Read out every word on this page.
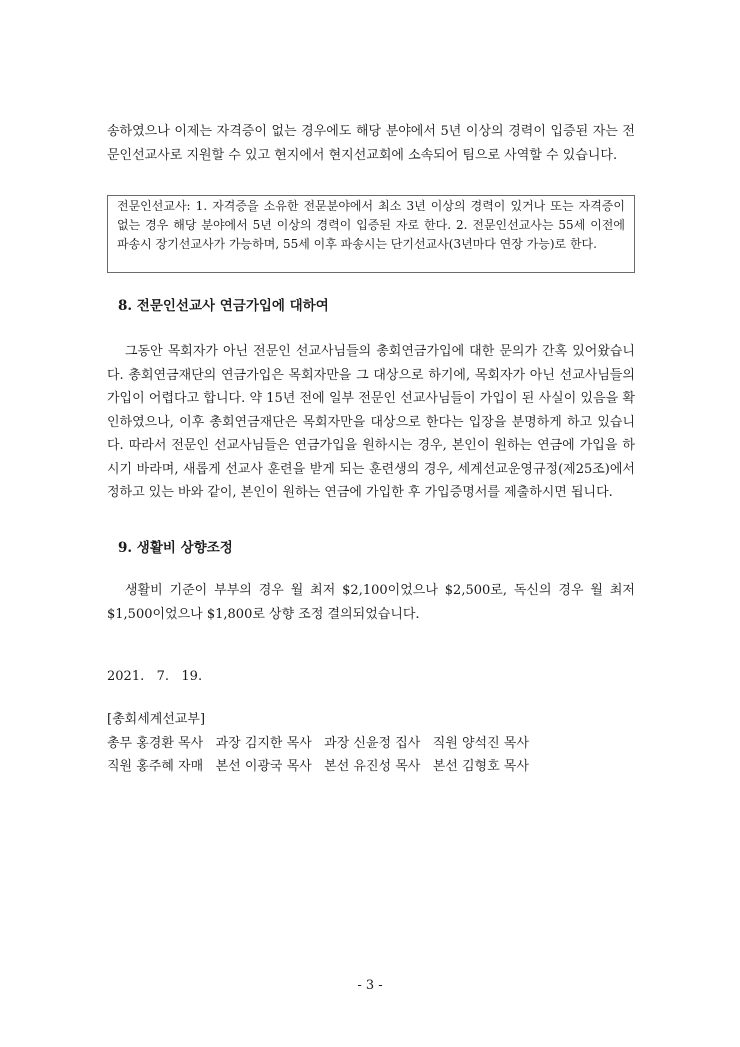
송하였으나 이제는 자격증이 없는 경우에도 해당 분야에서 5년 이상의 경력이 입증된 자는 전문인선교사로 지원할 수 있고 현지에서 현지선교회에 소속되어 팀으로 사역할 수 있습니다.

전문인선교사: 1. 자격증을 소유한 전문분야에서 최소 3년 이상의 경력이 있거나 또는 자격증이 없는 경우 해당 분야에서 5년 이상의 경력이 입증된 자로 한다. 2. 전문인선교사는 55세 이전에 파송시 장기선교사가 가능하며, 55세 이후 파송시는 단기선교사(3년마다 연장 가능)로 한다.

8. 전문인선교사 연금가입에 대하여

그동안 목회자가 아닌 전문인 선교사님들의 총회연금가입에 대한 문의가 간혹 있어왔습니다. 총회연금재단의 연금가입은 목회자만을 그 대상으로 하기에, 목회자가 아닌 선교사님들의 가입이 어렵다고 합니다. 약 15년 전에 일부 전문인 선교사님들이 가입이 된 사실이 있음을 확인하였으나, 이후 총회연금재단은 목회자만을 대상으로 한다는 입장을 분명하게 하고 있습니다. 따라서 전문인 선교사님들은 연금가입을 원하시는 경우, 본인이 원하는 연금에 가입을 하시기 바라며, 새롭게 선교사 훈련을 받게 되는 훈련생의 경우, 세계선교운영규정(제25조)에서 정하고 있는 바와 같이, 본인이 원하는 연금에 가입한 후 가입증명서를 제출하시면 됩니다.

9. 생활비 상향조정

생활비 기준이 부부의 경우 월 최저 $2,100이었으나 $2,500로, 독신의 경우 월 최저 $1,500이었으나 $1,800로 상향 조정 결의되었습니다.

2021.   7.   19.

[총회세계선교부]

총무 홍경환 목사   과장 김지한 목사   과장 신윤정 집사   직원 양석진 목사

직원 홍주혜 자매   본선 이광국 목사   본선 유진성 목사   본선 김형호 목사

- 3 -
